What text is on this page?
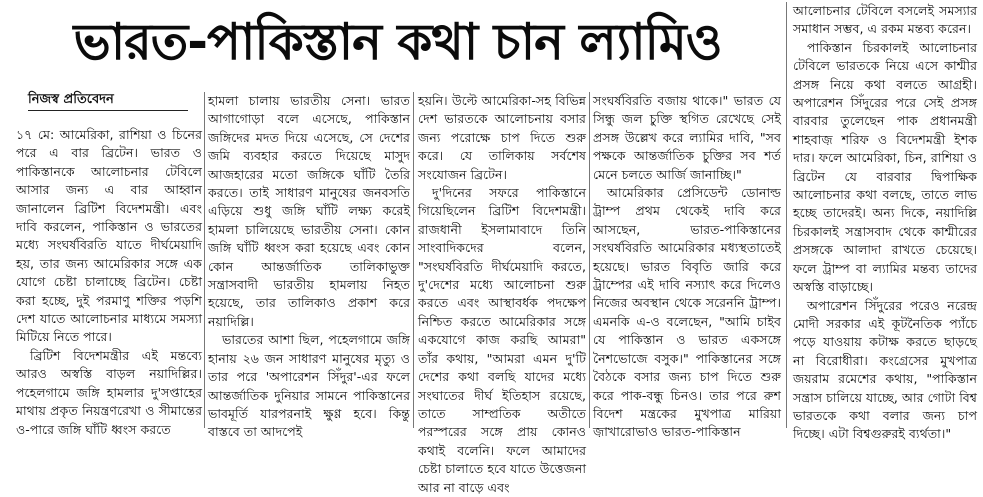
ভারত-পাকিস্তান কথা চান ল্যামিও
নিজস্ব প্রতিবেদন

১৭ মে: আমেরিকা, রাশিয়া ও চিনের পরে এ বার ব্রিটেন। ভারত ও পাকিস্তানকে আলোচনার টেবিলে আসার জন্য এ বার আহ্বান জানালেন ব্রিটিশ বিদেশমন্ত্রী। এবং দাবি করলেন, পাকিস্তান ও ভারতের মধ্যে সংঘর্ষবিরতি যাতে দীর্ঘমেয়াদি হয়, তার জন্য আমেরিকার সঙ্গে এক যোগে চেষ্টা চালাচ্ছে ব্রিটেন। চেষ্টা করা হচ্ছে, দুই পরমাণু শক্তির পড়শি দেশ যাতে আলোচনার মাধ্যমে সমস্যা মিটিয়ে নিতে পারে।

ব্রিটিশ বিদেশমন্ত্রীর এই মন্তব্যে আরও অস্বস্তি বাড়ল নয়াদিল্লির। পহেলগামে জঙ্গি হামলার দু'সপ্তাহের মাথায় প্রকৃত নিয়ন্ত্রণরেখা ও সীমান্তের ও-পারে জঙ্গি ঘাঁটি ধ্বংস করতে

হামলা চালায় ভারতীয় সেনা। ভারত আগাগোড়া বলে এসেছে, পাকিস্তান জঙ্গিদের মদত দিয়ে এসেছে, সে দেশের জমি ব্যবহার করতে দিয়েছে মাসুদ আজহারের মতো জঙ্গিকে ঘাঁটি তৈরি করতে। তাই সাধারণ মানুষের জনবসতি এড়িয়ে শুধু জঙ্গি ঘাঁটি লক্ষ্য করেই হামলা চালিয়েছে ভারতীয় সেনা। কোন জঙ্গি ঘাঁটি ধ্বংস করা হয়েছে এবং কোন কোন আন্তর্জাতিক তালিকাভুক্ত সন্ত্রাসবাদী ভারতীয় হামলায় নিহত হয়েছে, তার তালিকাও প্রকাশ করে নয়াদিল্লি।

ভারতের আশা ছিল, পহেলগামে জঙ্গি হানায় ২৬ জন সাধারণ মানুষের মৃত্যু ও তার পরে 'অপারেশন সিঁদুর'-এর ফলে আন্তর্জাতিক দুনিয়ার সামনে পাকিস্তানের ভাবমূর্তি যারপরনাই ক্ষুণ্ণ হবে। কিন্তু বাস্তবে তা আদপেই

হয়নি। উল্টে আমেরিকা-সহ বিভিন্ন দেশ ভারতকে আলোচনায় বসার জন্য পরোক্ষে চাপ দিতে শুরু করে। যে তালিকায় সর্বশেষ সংযোজন ব্রিটেন।

দু'দিনের সফরে পাকিস্তানে গিয়েছিলেন ব্রিটিশ বিদেশমন্ত্রী। রাজধানী ইসলামাবাদে তিনি সাংবাদিকদের বলেন, "সংঘর্ষবিরতি দীর্ঘমেয়াদি করতে, দু'দেশের মধ্যে আলোচনা শুরু করতে এবং আস্থাবর্ধক পদক্ষেপ নিশ্চিত করতে আমেরিকার সঙ্গে একযোগে কাজ করছি আমরা" তাঁর কথায়, "আমরা এমন দু'টি দেশের কথা বলছি যাদের মধ্যে সংঘাতের দীর্ঘ ইতিহাস রয়েছে, তাতে সাম্প্রতিক অতীতে পরস্পরের সঙ্গে প্রায় কোনও কথাই বলেনি। ফলে আমাদের চেষ্টা চালাতে হবে যাতে উত্তেজনা আর না বাড়ে এবং

সংঘর্ষবিরতি বজায় থাকে।" ভারত যে সিন্ধু জল চুক্তি স্থগিত রেখেছে সেই প্রসঙ্গ উল্লেখ করে ল্যামির দাবি, "সব পক্ষকে আন্তর্জাতিক চুক্তির সব শর্ত মেনে চলতে আর্জি জানাচ্ছি।"

আমেরিকার প্রেসিডেন্ট ডোনাল্ড ট্রাম্প প্রথম থেকেই দাবি করে আসছেন, ভারত-পাকিস্তানের সংঘর্ষবিরতি আমেরিকার মধ্যস্থতাতেই হয়েছে। ভারত বিবৃতি জারি করে ট্রাম্পের এই দাবি নস্যাৎ করে দিলেও নিজের অবস্থান থেকে সরেননি ট্রাম্প। এমনকি এ-ও বলেছেন, "আমি চাইব যে পাকিস্তান ও ভারত একসঙ্গে নৈশভোজে বসুক।" পাকিস্তানের সঙ্গে বৈঠকে বসার জন্য চাপ দিতে শুরু করে পাক-বন্ধু চিনও। তার পরে রুশ বিদেশ মন্ত্রকের মুখপাত্র মারিয়া জ়াখারোভাও ভারত-পাকিস্তান

আলোচনার টেবিলে বসলেই সমস্যার সমাধান সম্ভব, এ রকম মন্তব্য করেন।

পাকিস্তান চিরকালই আলোচনার টেবিলে ভারতকে নিয়ে এসে কাশ্মীর প্রসঙ্গ নিয়ে কথা বলতে আগ্রহী। অপারেশন সিঁদুরের পরে সেই প্রসঙ্গ বারবার তুলেছেন পাক প্রধানমন্ত্রী শাহবাজ় শরিফ ও বিদেশমন্ত্রী ইশক দার। ফলে আমেরিকা, চিন, রাশিয়া ও ব্রিটেন যে বারবার দ্বিপাক্ষিক আলোচনার কথা বলছে, তাতে লাভ হচ্ছে তাদেরই। অন্য দিকে, নয়াদিল্লি চিরকালই সন্ত্রাসবাদ থেকে কাশ্মীরের প্রসঙ্গকে আলাদা রাখতে চেয়েছে। ফলে ট্রাম্প বা ল্যামির মন্তব্য তাদের অস্বস্তি বাড়াচ্ছে।

অপারেশন সিঁদুরের পরেও নরেন্দ্র মোদী সরকার এই কূটনৈতিক প্যাঁচে পড়ে যাওয়ায় কটাক্ষ করতে ছাড়ছে না বিরোধীরা। কংগ্রেসের মুখপাত্র জয়রাম রমেশের কথায়, "পাকিস্তান সন্ত্রাস চালিয়ে যাচ্ছে, আর গোটা বিশ্ব ভারতকে কথা বলার জন্য চাপ দিচ্ছে। এটা বিশ্বগুরুরই ব্যর্থতা।"
